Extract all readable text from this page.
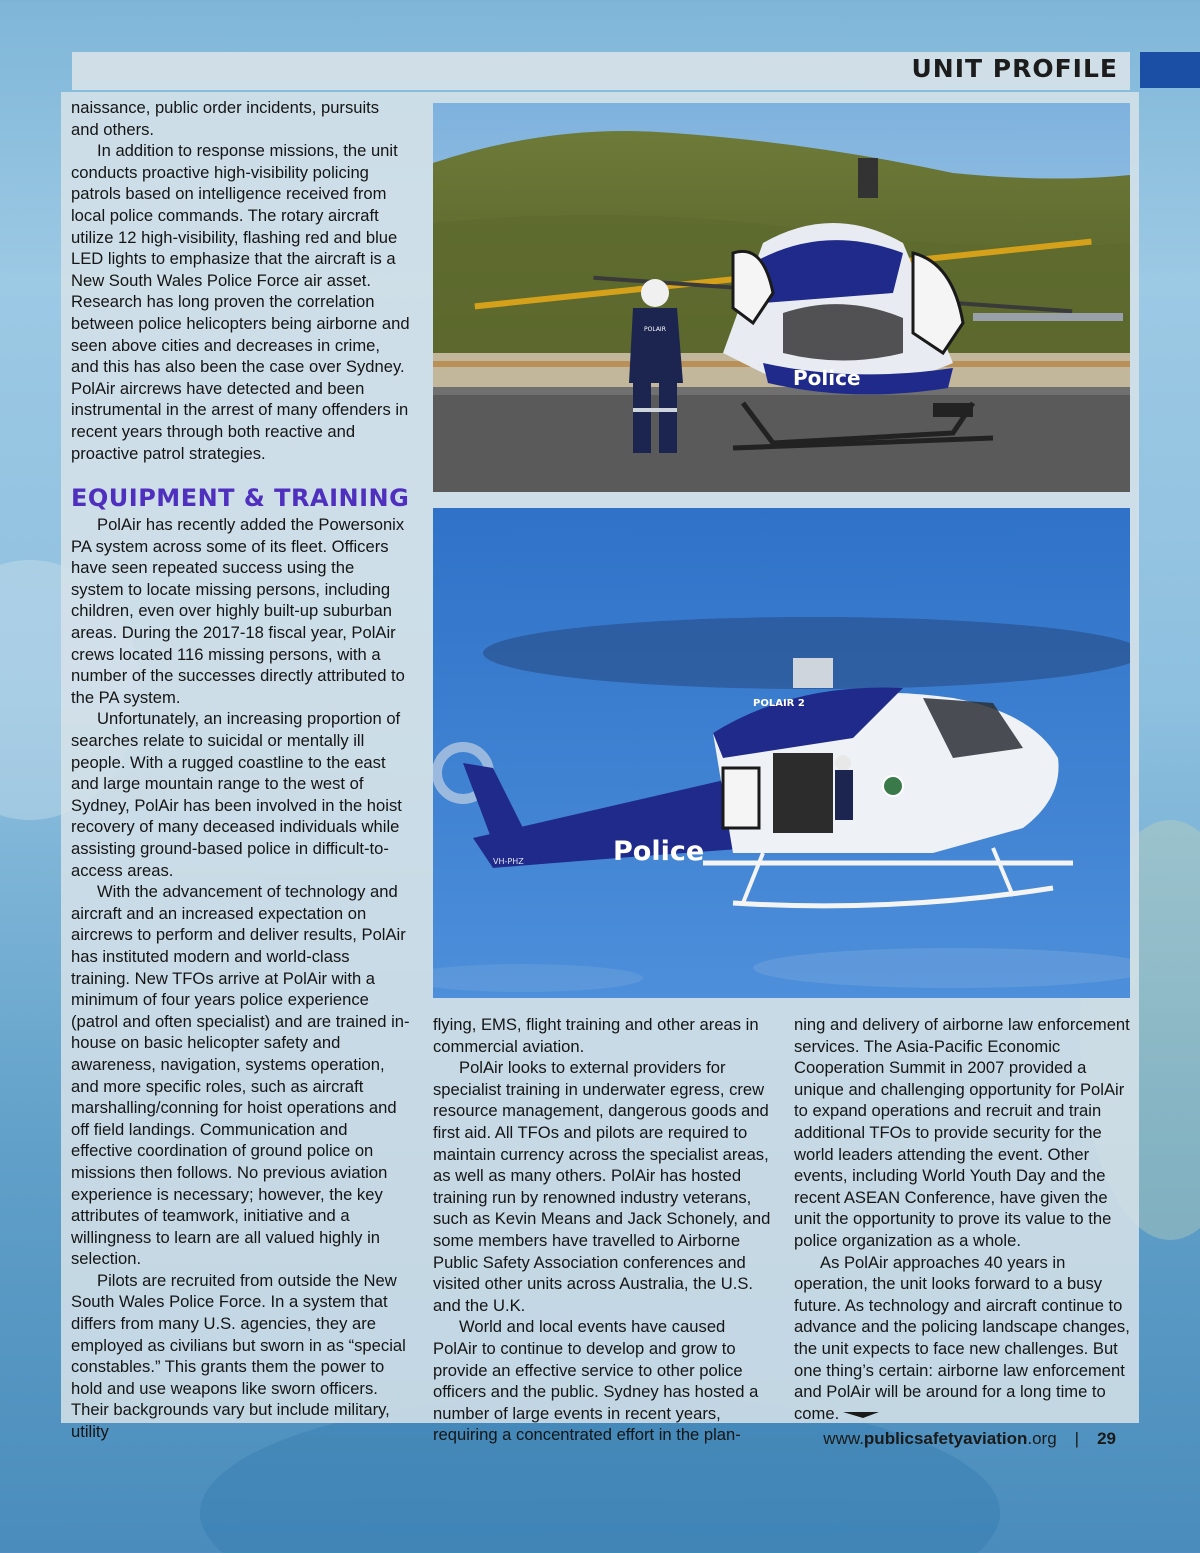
UNIT PROFILE

naissance, public order incidents, pursuits and others.

In addition to response missions, the unit conducts proactive high-visibility policing patrols based on intelligence received from local police commands. The rotary aircraft utilize 12 high-visibility, flashing red and blue LED lights to emphasize that the aircraft is a New South Wales Police Force air asset. Research has long proven the correlation between police helicopters being airborne and seen above cities and decreases in crime, and this has also been the case over Sydney. PolAir aircrews have detected and been instrumental in the arrest of many offenders in recent years through both reactive and proactive patrol strategies.

EQUIPMENT & TRAINING

PolAir has recently added the Powersonix PA system across some of its fleet. Officers have seen repeated success using the system to locate missing persons, including children, even over highly built-up suburban areas. During the 2017-18 fiscal year, PolAir crews located 116 missing persons, with a number of the successes directly attributed to the PA system.

Unfortunately, an increasing proportion of searches relate to suicidal or mentally ill people. With a rugged coastline to the east and large mountain range to the west of Sydney, PolAir has been involved in the hoist recovery of many deceased individuals while assisting ground-based police in difficult-to-access areas.

With the advancement of technology and aircraft and an increased expectation on aircrews to perform and deliver results, PolAir has instituted modern and world-class training. New TFOs arrive at PolAir with a minimum of four years police experience (patrol and often specialist) and are trained in-house on basic helicopter safety and awareness, navigation, systems operation, and more specific roles, such as aircraft marshalling/conning for hoist operations and off field landings. Communication and effective coordination of ground police on missions then follows. No previous aviation experience is necessary; however, the key attributes of teamwork, initiative and a willingness to learn are all valued highly in selection.

Pilots are recruited from outside the New South Wales Police Force. In a system that differs from many U.S. agencies, they are employed as civilians but sworn in as “special constables.” This grants them the power to hold and use weapons like sworn officers. Their backgrounds vary but include military, utility

Police
POLAIR
Police
VH-PHZ
POLAIR 2

flying, EMS, flight training and other areas in commercial aviation.

PolAir looks to external providers for specialist training in underwater egress, crew resource management, dangerous goods and first aid. All TFOs and pilots are required to maintain currency across the specialist areas, as well as many others. PolAir has hosted training run by renowned industry veterans, such as Kevin Means and Jack Schonely, and some members have travelled to Airborne Public Safety Association conferences and visited other units across Australia, the U.S. and the U.K.

World and local events have caused PolAir to continue to develop and grow to provide an effective service to other police officers and the public. Sydney has hosted a number of large events in recent years, requiring a concentrated effort in the plan-

ning and delivery of airborne law enforcement services. The Asia-Pacific Economic Cooperation Summit in 2007 provided a unique and challenging opportunity for PolAir to expand operations and recruit and train additional TFOs to provide security for the world leaders attending the event. Other events, including World Youth Day and the recent ASEAN Conference, have given the unit the opportunity to prove its value to the police organization as a whole.

As PolAir approaches 40 years in operation, the unit looks forward to a busy future. As technology and aircraft continue to advance and the policing landscape changes, the unit expects to face new challenges. But one thing’s certain: airborne law enforcement and PolAir will be around for a long time to come.

www.publicsafetyaviation.org | 29
